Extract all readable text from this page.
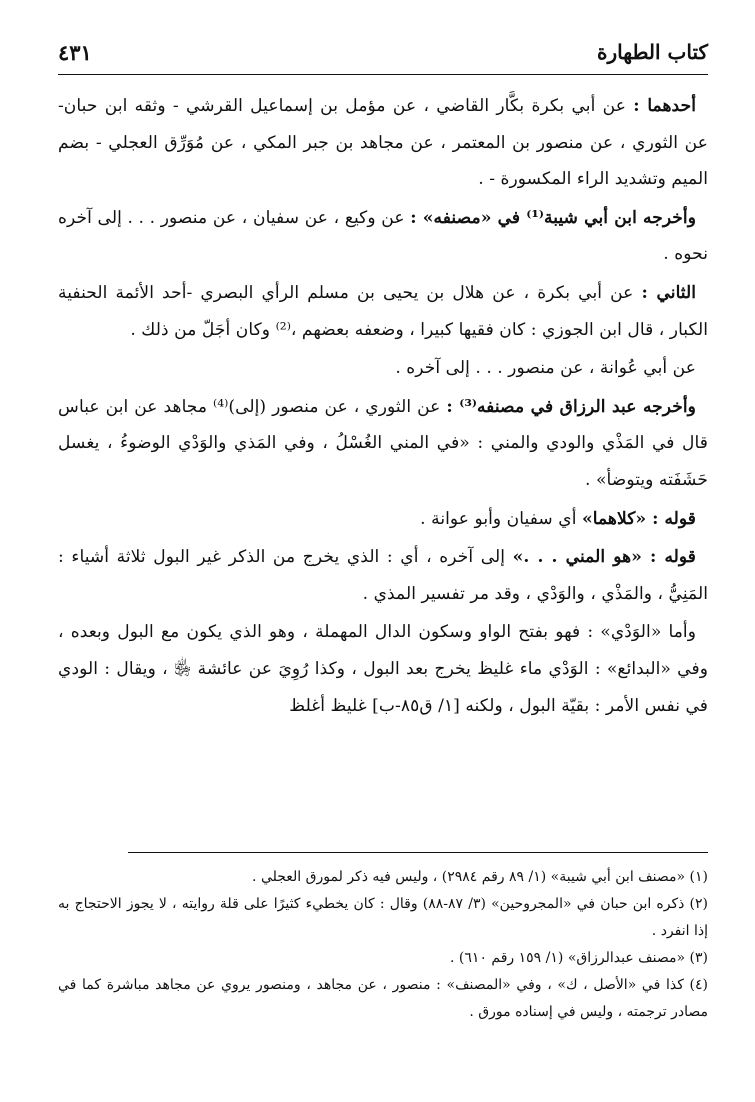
كتاب الطهارة
٤٣١

أحدهما : عن أبي بكرة بكَّار القاضي ، عن مؤمل بن إسماعيل القرشي - وثقه ابن حبان- عن الثوري ، عن منصور بن المعتمر ، عن مجاهد بن جبر المكي ، عن مُوَرِّق العجلي - بضم الميم وتشديد الراء المكسورة - .

وأخرجه ابن أبي شيبة⁽¹⁾ في «مصنفه» : عن وكيع ، عن سفيان ، عن منصور . . . إلى آخره نحوه .

الثاني : عن أبي بكرة ، عن هلال بن يحيى بن مسلم الرأي البصري -أحد الأئمة الحنفية الكبار ، قال ابن الجوزي : كان فقيها كبيرا ، وضعفه بعضهم ،⁽²⁾ وكان أجَلّ من ذلك .

عن أبي عُوانة ، عن منصور . . . إلى آخره .

وأخرجه عبد الرزاق في مصنفه⁽³⁾ : عن الثوري ، عن منصور (إلى)⁽⁴⁾ مجاهد عن ابن عباس قال في المَذْي والودي والمني : «في المني الغُسْلُ ، وفي المَذي والوَدْي الوضوءُ ، يغسل حَشَفَته ويتوضأ» .

قوله : «كلاهما» أي سفيان وأبو عوانة .

قوله : «هو المني . . .» إلى آخره ، أي : الذي يخرج من الذكر غير البول ثلاثة أشياء : المَنِيُّ ، والمَذْي ، والوَدْي ، وقد مر تفسير المذي .

وأما «الوَدْي» : فهو بفتح الواو وسكون الدال المهملة ، وهو الذي يكون مع البول وبعده ، وفي «البدائع» : الوَدْي ماء غليظ يخرج بعد البول ، وكذا رُوِيَ عن عائشة ﵂ ، ويقال : الودي في نفس الأمر : بقيّة البول ، ولكنه [١/ ق٨٥-ب] غليظ أغلظ

(١) «مصنف ابن أبي شيبة» (١/ ٨٩ رقم ٢٩٨٤) ، وليس فيه ذكر لمورق العجلي .

(٢) ذكره ابن حبان في «المجروحين» (٣/ ٨٧-٨٨) وقال : كان يخطيء كثيرًا على قلة روايته ، لا يجوز الاحتجاج به إذا انفرد .

(٣) «مصنف عبدالرزاق» (١/ ١٥٩ رقم ٦١٠) .

(٤) كذا في «الأصل ، ك» ، وفي «المصنف» : منصور ، عن مجاهد ، ومنصور يروي عن مجاهد مباشرة كما في مصادر ترجمته ، وليس في إسناده مورق .
